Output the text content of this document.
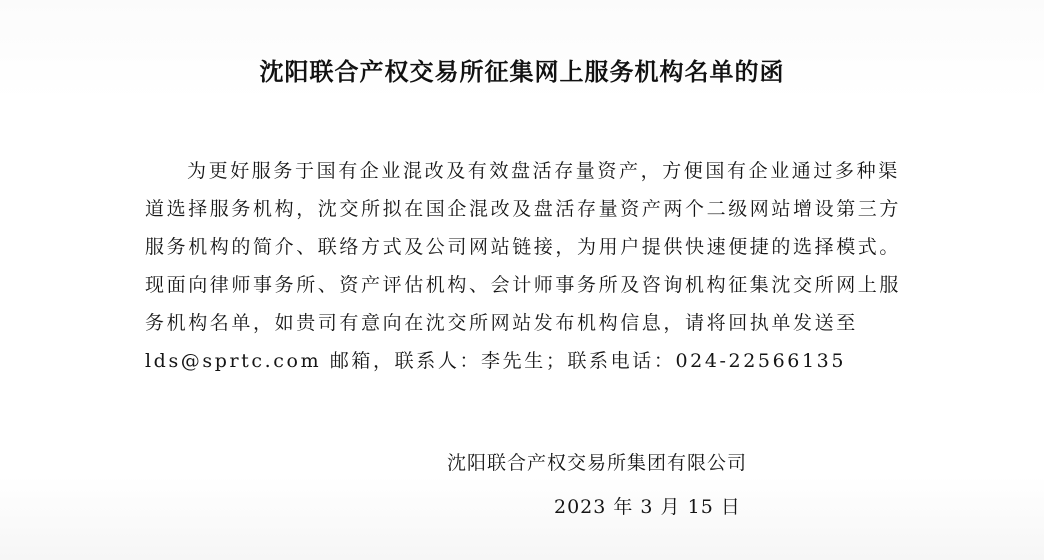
沈阳联合产权交易所征集网上服务机构名单的函
为更好服务于国有企业混改及有效盘活存量资产，方便国有企业通过多种渠
道选择服务机构，沈交所拟在国企混改及盘活存量资产两个二级网站增设第三方
服务机构的简介、联络方式及公司网站链接，为用户提供快速便捷的选择模式。
现面向律师事务所、资产评估机构、会计师事务所及咨询机构征集沈交所网上服
务机构名单，如贵司有意向在沈交所网站发布机构信息，请将回执单发送至
lds@sprtc.com 邮箱，联系人：李先生；联系电话：024-22566135
沈阳联合产权交易所集团有限公司
2023 年 3 月 15 日
